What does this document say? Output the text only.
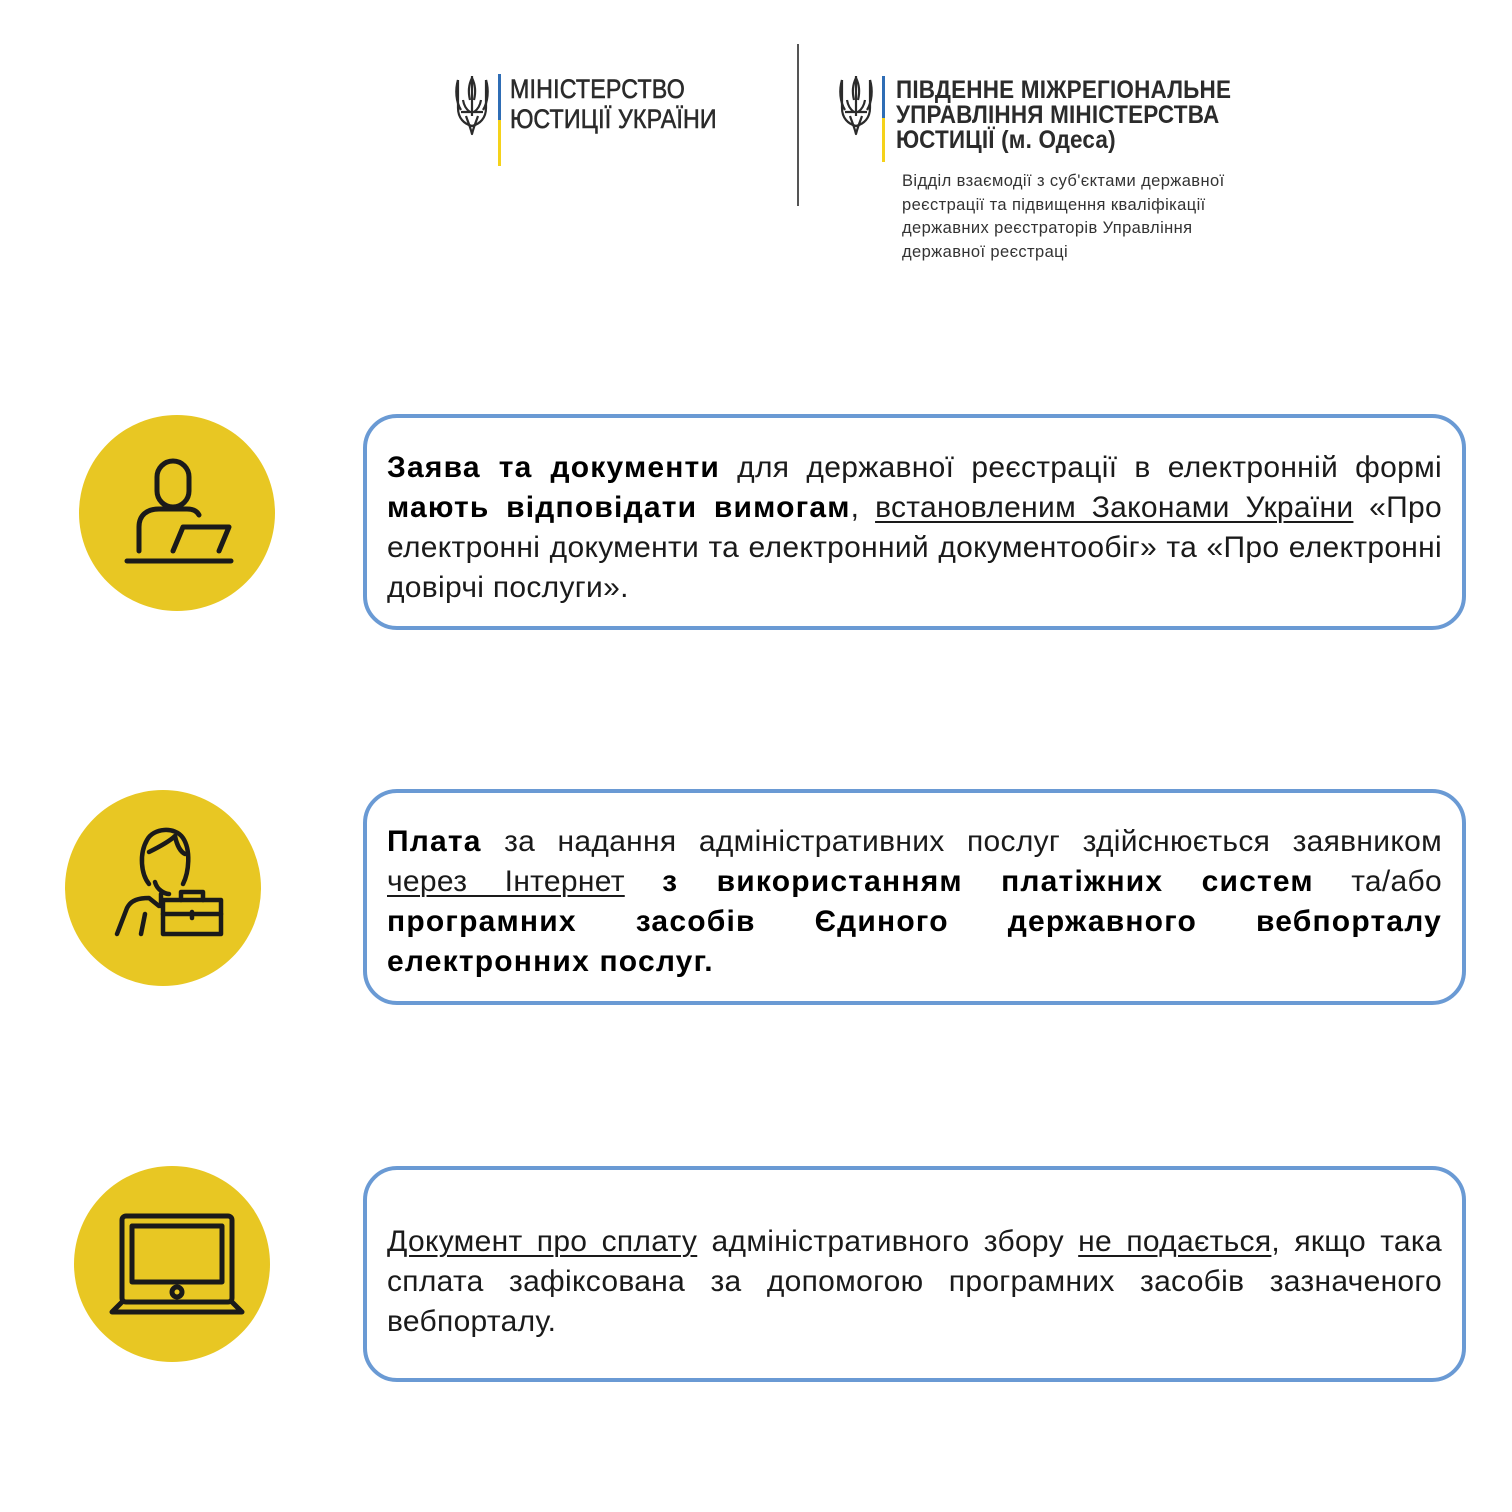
МІНІСТЕРСТВО
ЮСТИЦІЇ УКРАЇНИ
ПІВДЕННЕ МІЖРЕГІОНАЛЬНЕ
УПРАВЛІННЯ МІНІСТЕРСТВА
ЮСТИЦІЇ (м. Одеса)
Відділ взаємодії з суб'єктами державної
реєстрації та підвищення кваліфікації
державних реєстраторів Управління
державної реєстраці
Заява та документи для державної реєстрації в електронній формі мають відповідати вимогам, встановленим Законами України «Про електронні документи та електронний документообіг» та «Про електронні довірчі послуги».
Плата за надання адміністративних послуг здійснюється заявником через Інтернет з використанням платіжних систем та/або програмних засобів Єдиного державного вебпорталу електронних послуг.
Документ про сплату адміністративного збору не подається, якщо така сплата зафіксована за допомогою програмних засобів зазначеного вебпорталу.
